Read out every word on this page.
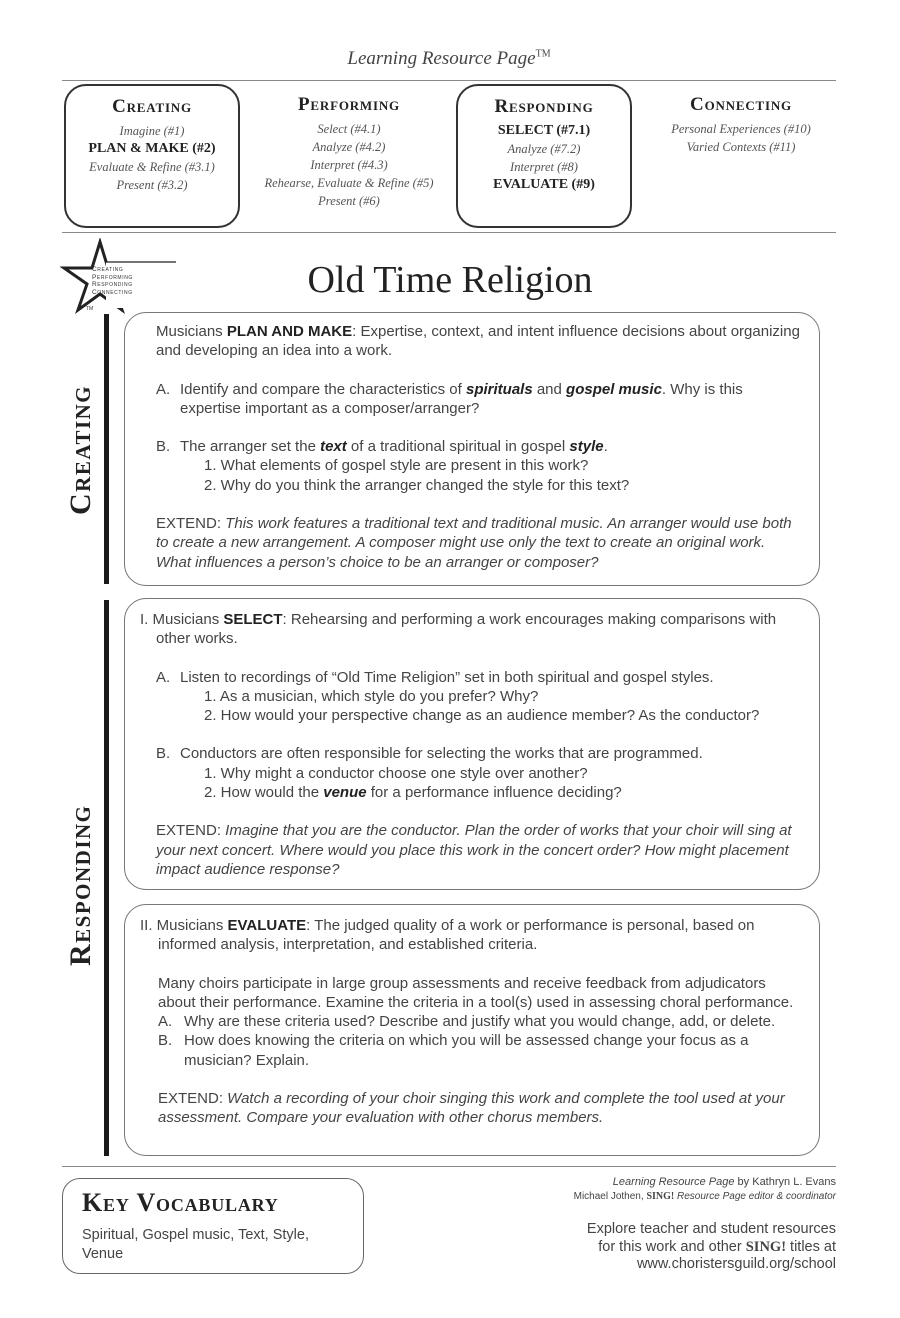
Learning Resource Page™
Creating
Imagine (#1)
PLAN & MAKE (#2)
Evaluate & Refine (#3.1)
Present (#3.2)
Performing
Select (#4.1)
Analyze (#4.2)
Interpret (#4.3)
Rehearse, Evaluate & Refine (#5)
Present (#6)
Responding
SELECT (#7.1)
Analyze (#7.2)
Interpret (#8)
EVALUATE (#9)
Connecting
Personal Experiences (#10)
Varied Contexts (#11)
Creating
Performing
Responding
Connecting
TM
Old Time Religion
Creating

Musicians PLAN AND MAKE: Expertise, context, and intent influence decisions about organizing and developing an idea into a work.

A. Identify and compare the characteristics of spirituals and gospel music. Why is this expertise important as a composer/arranger?

B. The arranger set the text of a traditional spiritual in gospel style.

1. What elements of gospel style are present in this work?

2. Why do you think the arranger changed the style for this text?

EXTEND: This work features a traditional text and traditional music. An arranger would use both to create a new arrangement. A composer might use only the text to create an original work. What influences a person’s choice to be an arranger or composer?

Responding

I. Musicians SELECT: Rehearsing and performing a work encourages making comparisons with other works.

A. Listen to recordings of “Old Time Religion” set in both spiritual and gospel styles.

1. As a musician, which style do you prefer? Why?

2. How would your perspective change as an audience member? As the conductor?

B. Conductors are often responsible for selecting the works that are programmed.

1. Why might a conductor choose one style over another?

2. How would the venue for a performance influence deciding?

EXTEND: Imagine that you are the conductor. Plan the order of works that your choir will sing at your next concert. Where would you place this work in the concert order? How might placement impact audience response?

II. Musicians EVALUATE: The judged quality of a work or performance is personal, based on informed analysis, interpretation, and established criteria.

Many choirs participate in large group assessments and receive feedback from adjudicators about their performance. Examine the criteria in a tool(s) used in assessing choral performance.

A. Why are these criteria used? Describe and justify what you would change, add, or delete.

B. How does knowing the criteria on which you will be assessed change your focus as a musician? Explain.

EXTEND: Watch a recording of your choir singing this work and complete the tool used at your assessment. Compare your evaluation with other chorus members.

Key Vocabulary
Spiritual, Gospel music, Text, Style, Venue
Learning Resource Page by Kathryn L. Evans
Michael Jothen, SING! Resource Page editor & coordinator
Explore teacher and student resources
for this work and other SING! titles at
www.choristersguild.org/school
